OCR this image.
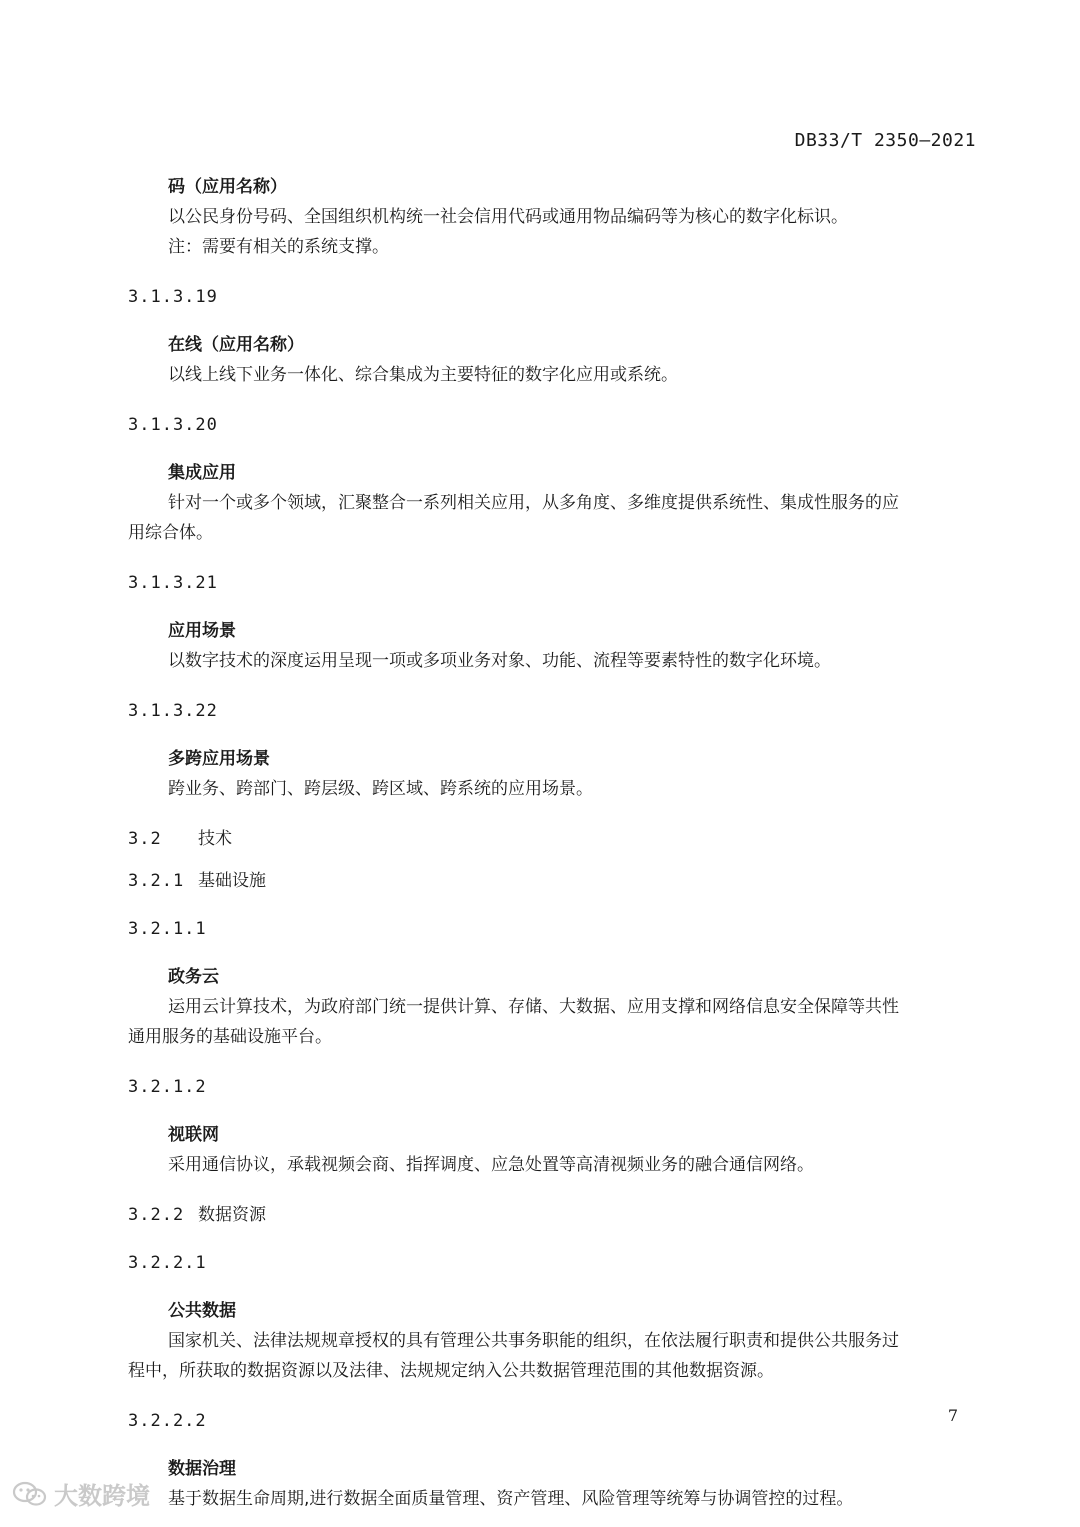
DB33/T 2350—2021
码（应用名称）
以公民身份号码、全国组织机构统一社会信用代码或通用物品编码等为核心的数字化标识。
注：需要有相关的系统支撑。
3.1.3.19
在线（应用名称）
以线上线下业务一体化、综合集成为主要特征的数字化应用或系统。
3.1.3.20
集成应用
针对一个或多个领域，汇聚整合一系列相关应用，从多角度、多维度提供系统性、集成性服务的应
用综合体。
3.1.3.21
应用场景
以数字技术的深度运用呈现一项或多项业务对象、功能、流程等要素特性的数字化环境。
3.1.3.22
多跨应用场景
跨业务、跨部门、跨层级、跨区域、跨系统的应用场景。
3.2 技术
3.2.1 基础设施
3.2.1.1
政务云
运用云计算技术，为政府部门统一提供计算、存储、大数据、应用支撑和网络信息安全保障等共性
通用服务的基础设施平台。
3.2.1.2
视联网
采用通信协议，承载视频会商、指挥调度、应急处置等高清视频业务的融合通信网络。
3.2.2 数据资源
3.2.2.1
公共数据
国家机关、法律法规规章授权的具有管理公共事务职能的组织，在依法履行职责和提供公共服务过
程中，所获取的数据资源以及法律、法规规定纳入公共数据管理范围的其他数据资源。
3.2.2.2
数据治理
基于数据生命周期,进行数据全面质量管理、资产管理、风险管理等统筹与协调管控的过程。
7
大数跨境
